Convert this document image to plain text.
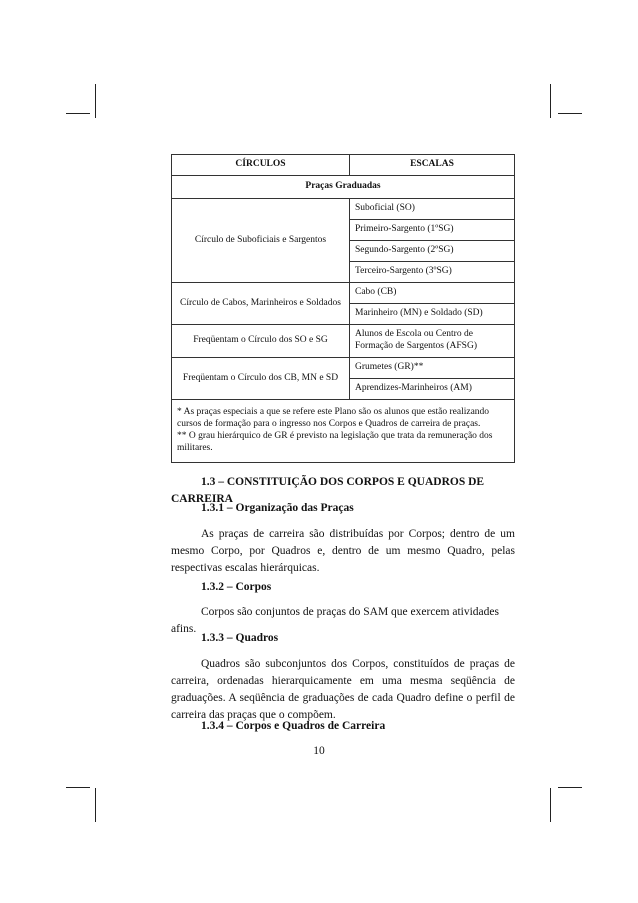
CÍRCULOS	ESCALAS
Praças Graduadas	
Círculo de Suboficiais e Sargentos	Suboficial (SO)
	Primeiro-Sargento (1ºSG)
	Segundo-Sargento (2ºSG)
	Terceiro-Sargento (3ºSG)
Círculo de Cabos, Marinheiros e Soldados	Cabo (CB)
	Marinheiro (MN) e Soldado (SD)
Freqüentam o Círculo dos SO e SG	Alunos de Escola ou Centro de Formação de Sargentos (AFSG)
Freqüentam o Círculo dos CB, MN e SD	Grumetes (GR)**
	Aprendizes-Marinheiros (AM)

* As praças especiais a que se refere este Plano são os alunos que estão realizando
cursos de formação para o ingresso nos Corpos e Quadros de carreira de praças.
** O grau hierárquico de GR é previsto na legislação que trata da remuneração dos
militares.	

1.3 – CONSTITUIÇÃO DOS CORPOS E QUADROS DE CARREIRA

1.3.1 – Organização das Praças

As praças de carreira são distribuídas por Corpos; dentro de um mesmo Corpo, por Quadros e, dentro de um mesmo Quadro, pelas respectivas escalas hierárquicas.

1.3.2 – Corpos

Corpos são conjuntos de praças do SAM que exercem atividades afins.

1.3.3 – Quadros

Quadros são subconjuntos dos Corpos, constituídos de praças de carreira, ordenadas hierarquicamente em uma mesma seqüência de graduações. A seqüência de graduações de cada Quadro define o perfil de carreira das praças que o compõem.

1.3.4 – Corpos e Quadros de Carreira

10
